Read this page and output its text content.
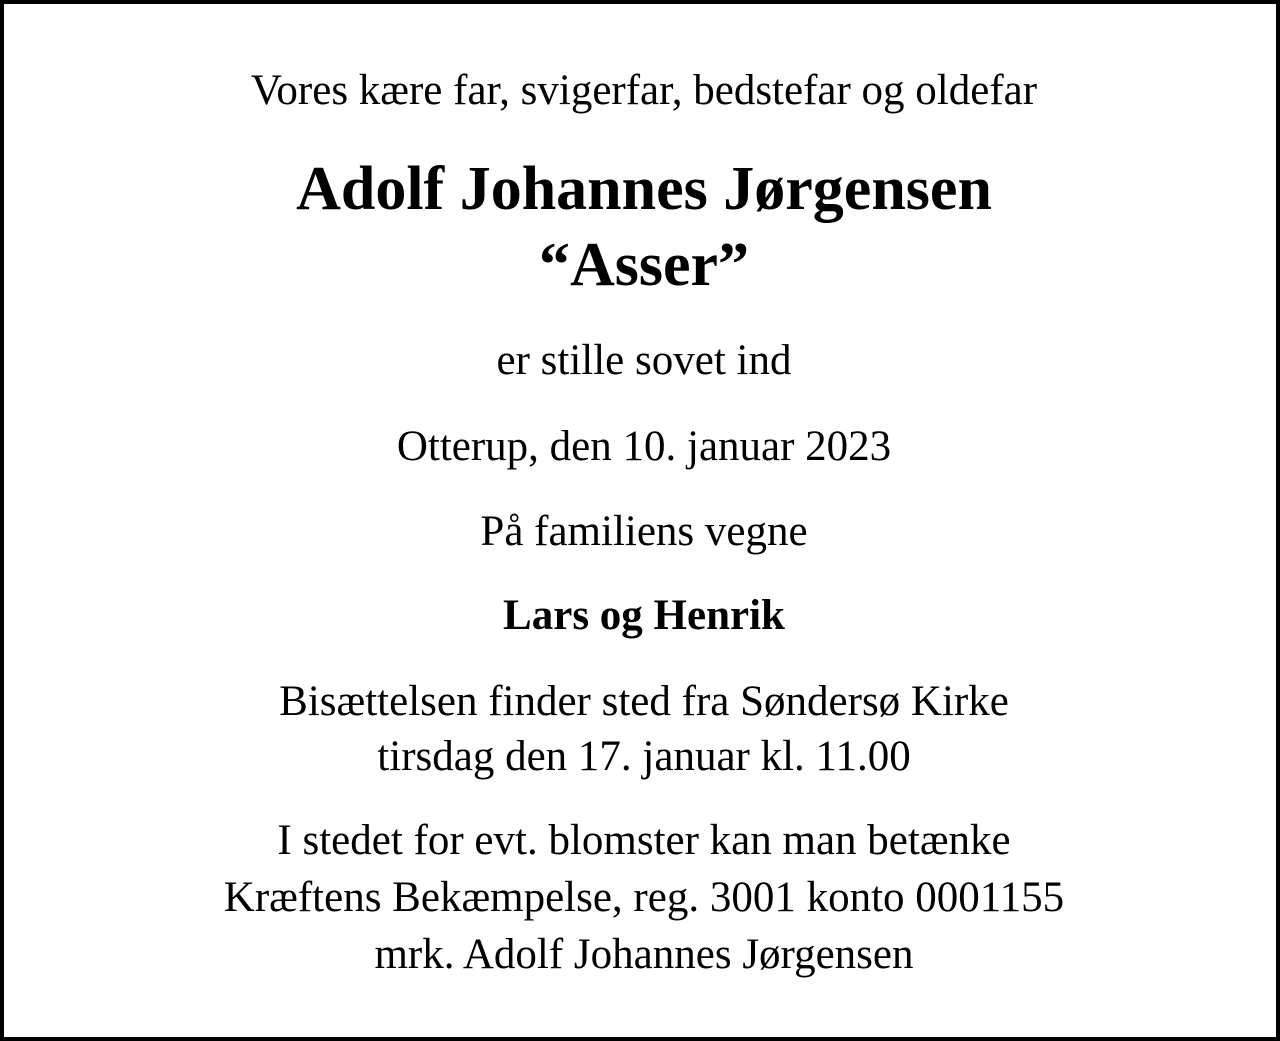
Vores kære far, svigerfar, bedstefar og oldefar
Adolf Johannes Jørgensen
“Asser”
er stille sovet ind
Otterup, den 10. januar 2023
På familiens vegne
Lars og Henrik
Bisættelsen finder sted fra Søndersø Kirke
tirsdag den 17. januar kl. 11.00
I stedet for evt. blomster kan man betænke
Kræftens Bekæmpelse, reg. 3001 konto 0001155
mrk. Adolf Johannes Jørgensen
